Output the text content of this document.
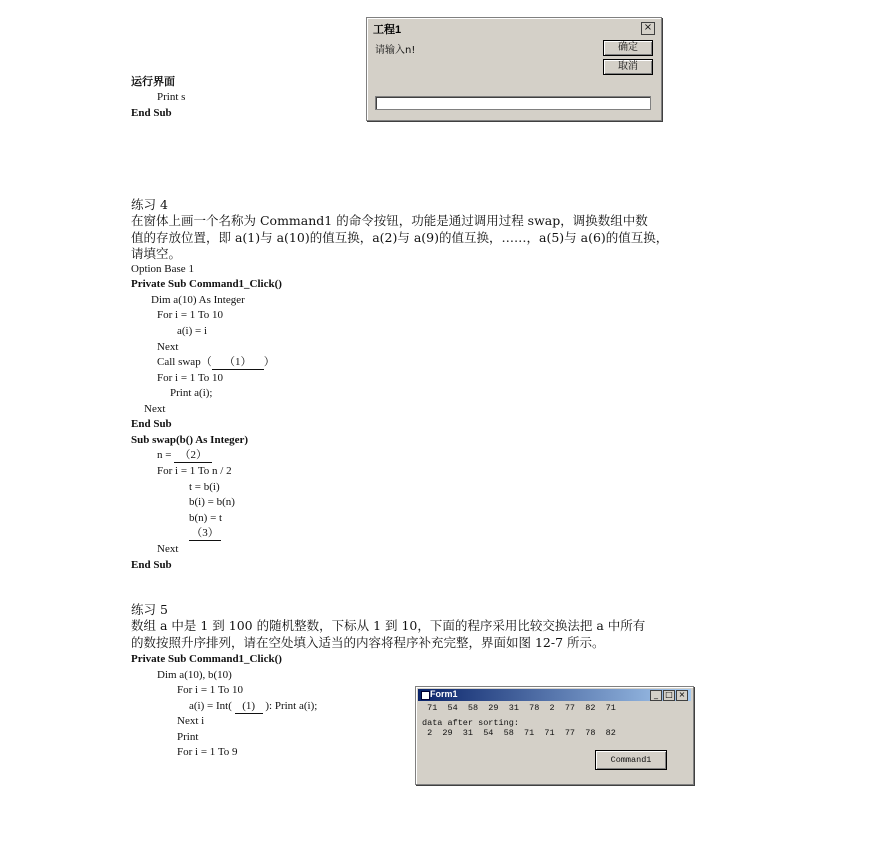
工程1	×
请输入n!	确定
取消
运行界面
Print s
End Sub
练习 4
在窗体上画一个名称为 Command1 的命令按钮，功能是通过调用过程 swap，调换数组中数
值的存放位置，即 a(1)与 a(10)的值互换，a(2)与 a(9)的值互换，……，a(5)与 a(6)的值互换，
请填空。
Option Base 1
Private Sub Command1_Click()
Dim a(10) As Integer
For i = 1 To 10
a(i) = i
Next
Call swap（ （1） ）
For i = 1 To 10
Print a(i);
Next
End Sub
Sub swap(b() As Integer)
n = （2）
For i = 1 To n / 2
t = b(i)
b(i) = b(n)
b(n) = t
（3）
Next
End Sub
练习 5
数组 a 中是 1 到 100 的随机整数，下标从 1 到 10，下面的程序采用比较交换法把 a 中所有
的数按照升序排列，请在空处填入适当的内容将程序补充完整，界面如图 12-7 所示。
Private Sub Command1_Click()
Dim a(10), b(10)
For i = 1 To 10
a(i) = Int( (1) ): Print a(i);
Next i
Print
For i = 1 To 9
Form1	_ □ ×
71  54  58  29  31  78  2  77  82  71
data after sorting:
2  29  31  54  58  71  71  77  78  82
Command1
